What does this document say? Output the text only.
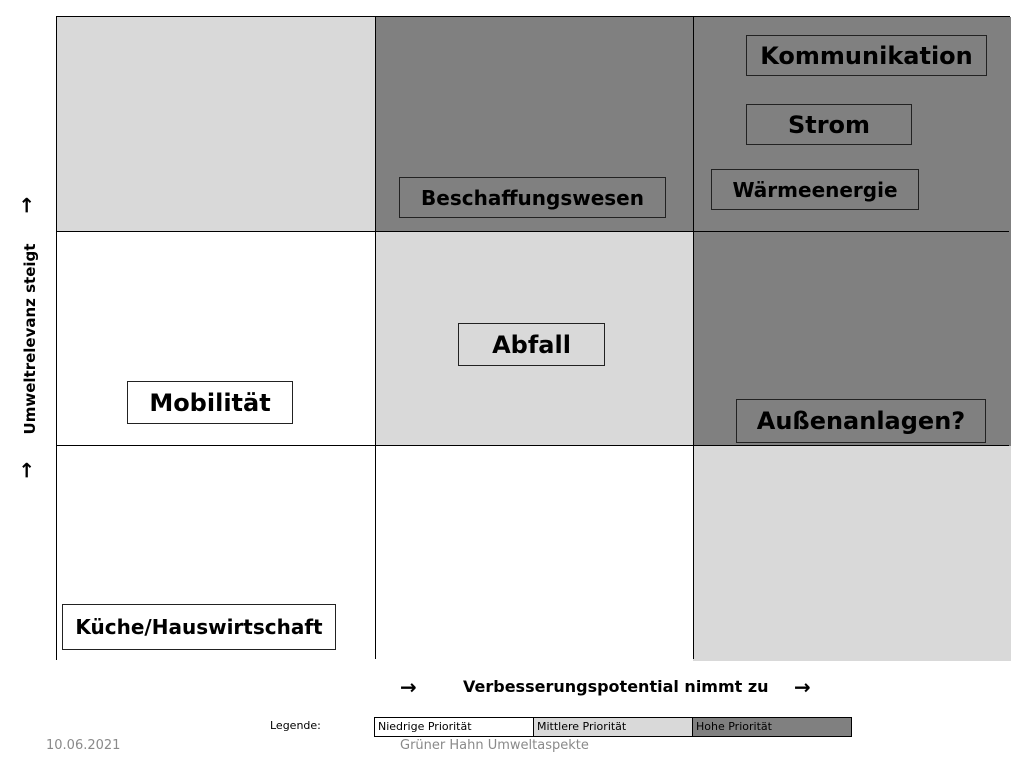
→
Umweltrelevanz steigt
→
Kommunikation
Strom
Wärmeenergie
Beschaffungswesen
Abfall
Mobilität
Außenanlagen?
Küche/Hauswirtschaft
→	Verbesserungspotential nimmt zu →
Legende:	Niedrige Priorität	Mittlere Priorität	Hohe Priorität
10.06.2021	Grüner Hahn Umweltaspekte
